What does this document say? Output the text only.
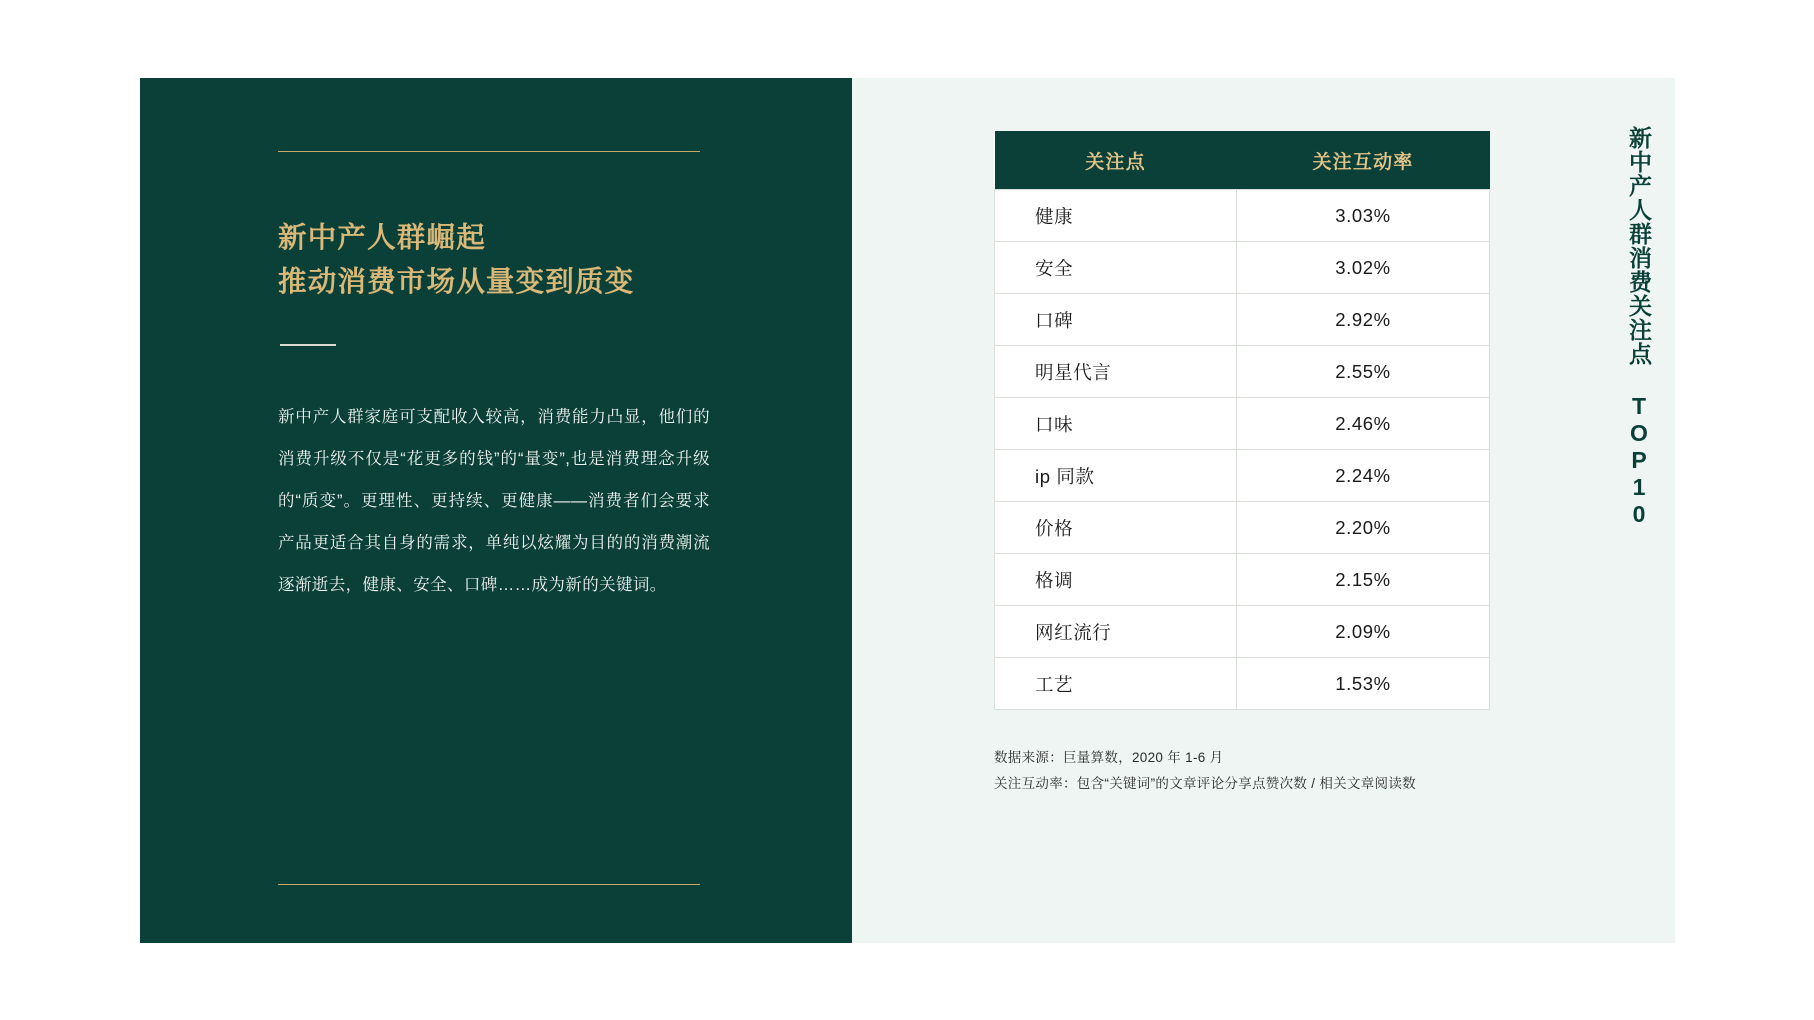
新中产人群崛起
推动消费市场从量变到质变
新中产人群家庭可支配收入较高，消费能力凸显，他们的消费升级不仅是“花更多的钱”的“量变”,也是消费理念升级的“质变”。更理性、更持续、更健康——消费者们会要求产品更适合其自身的需求，单纯以炫耀为目的的消费潮流逐渐逝去，健康、安全、口碑……成为新的关键词。
新中产人群消费关注点 TOP10
关注点	关注互动率
健康	3.03%
安全	3.02%
口碑	2.92%
明星代言	2.55%
口味	2.46%
ip 同款	2.24%
价格	2.20%
格调	2.15%
网红流行	2.09%
工艺	1.53%
数据来源：巨量算数，2020 年 1-6 月
关注互动率：包含“关键词”的文章评论分享点赞次数 / 相关文章阅读数
